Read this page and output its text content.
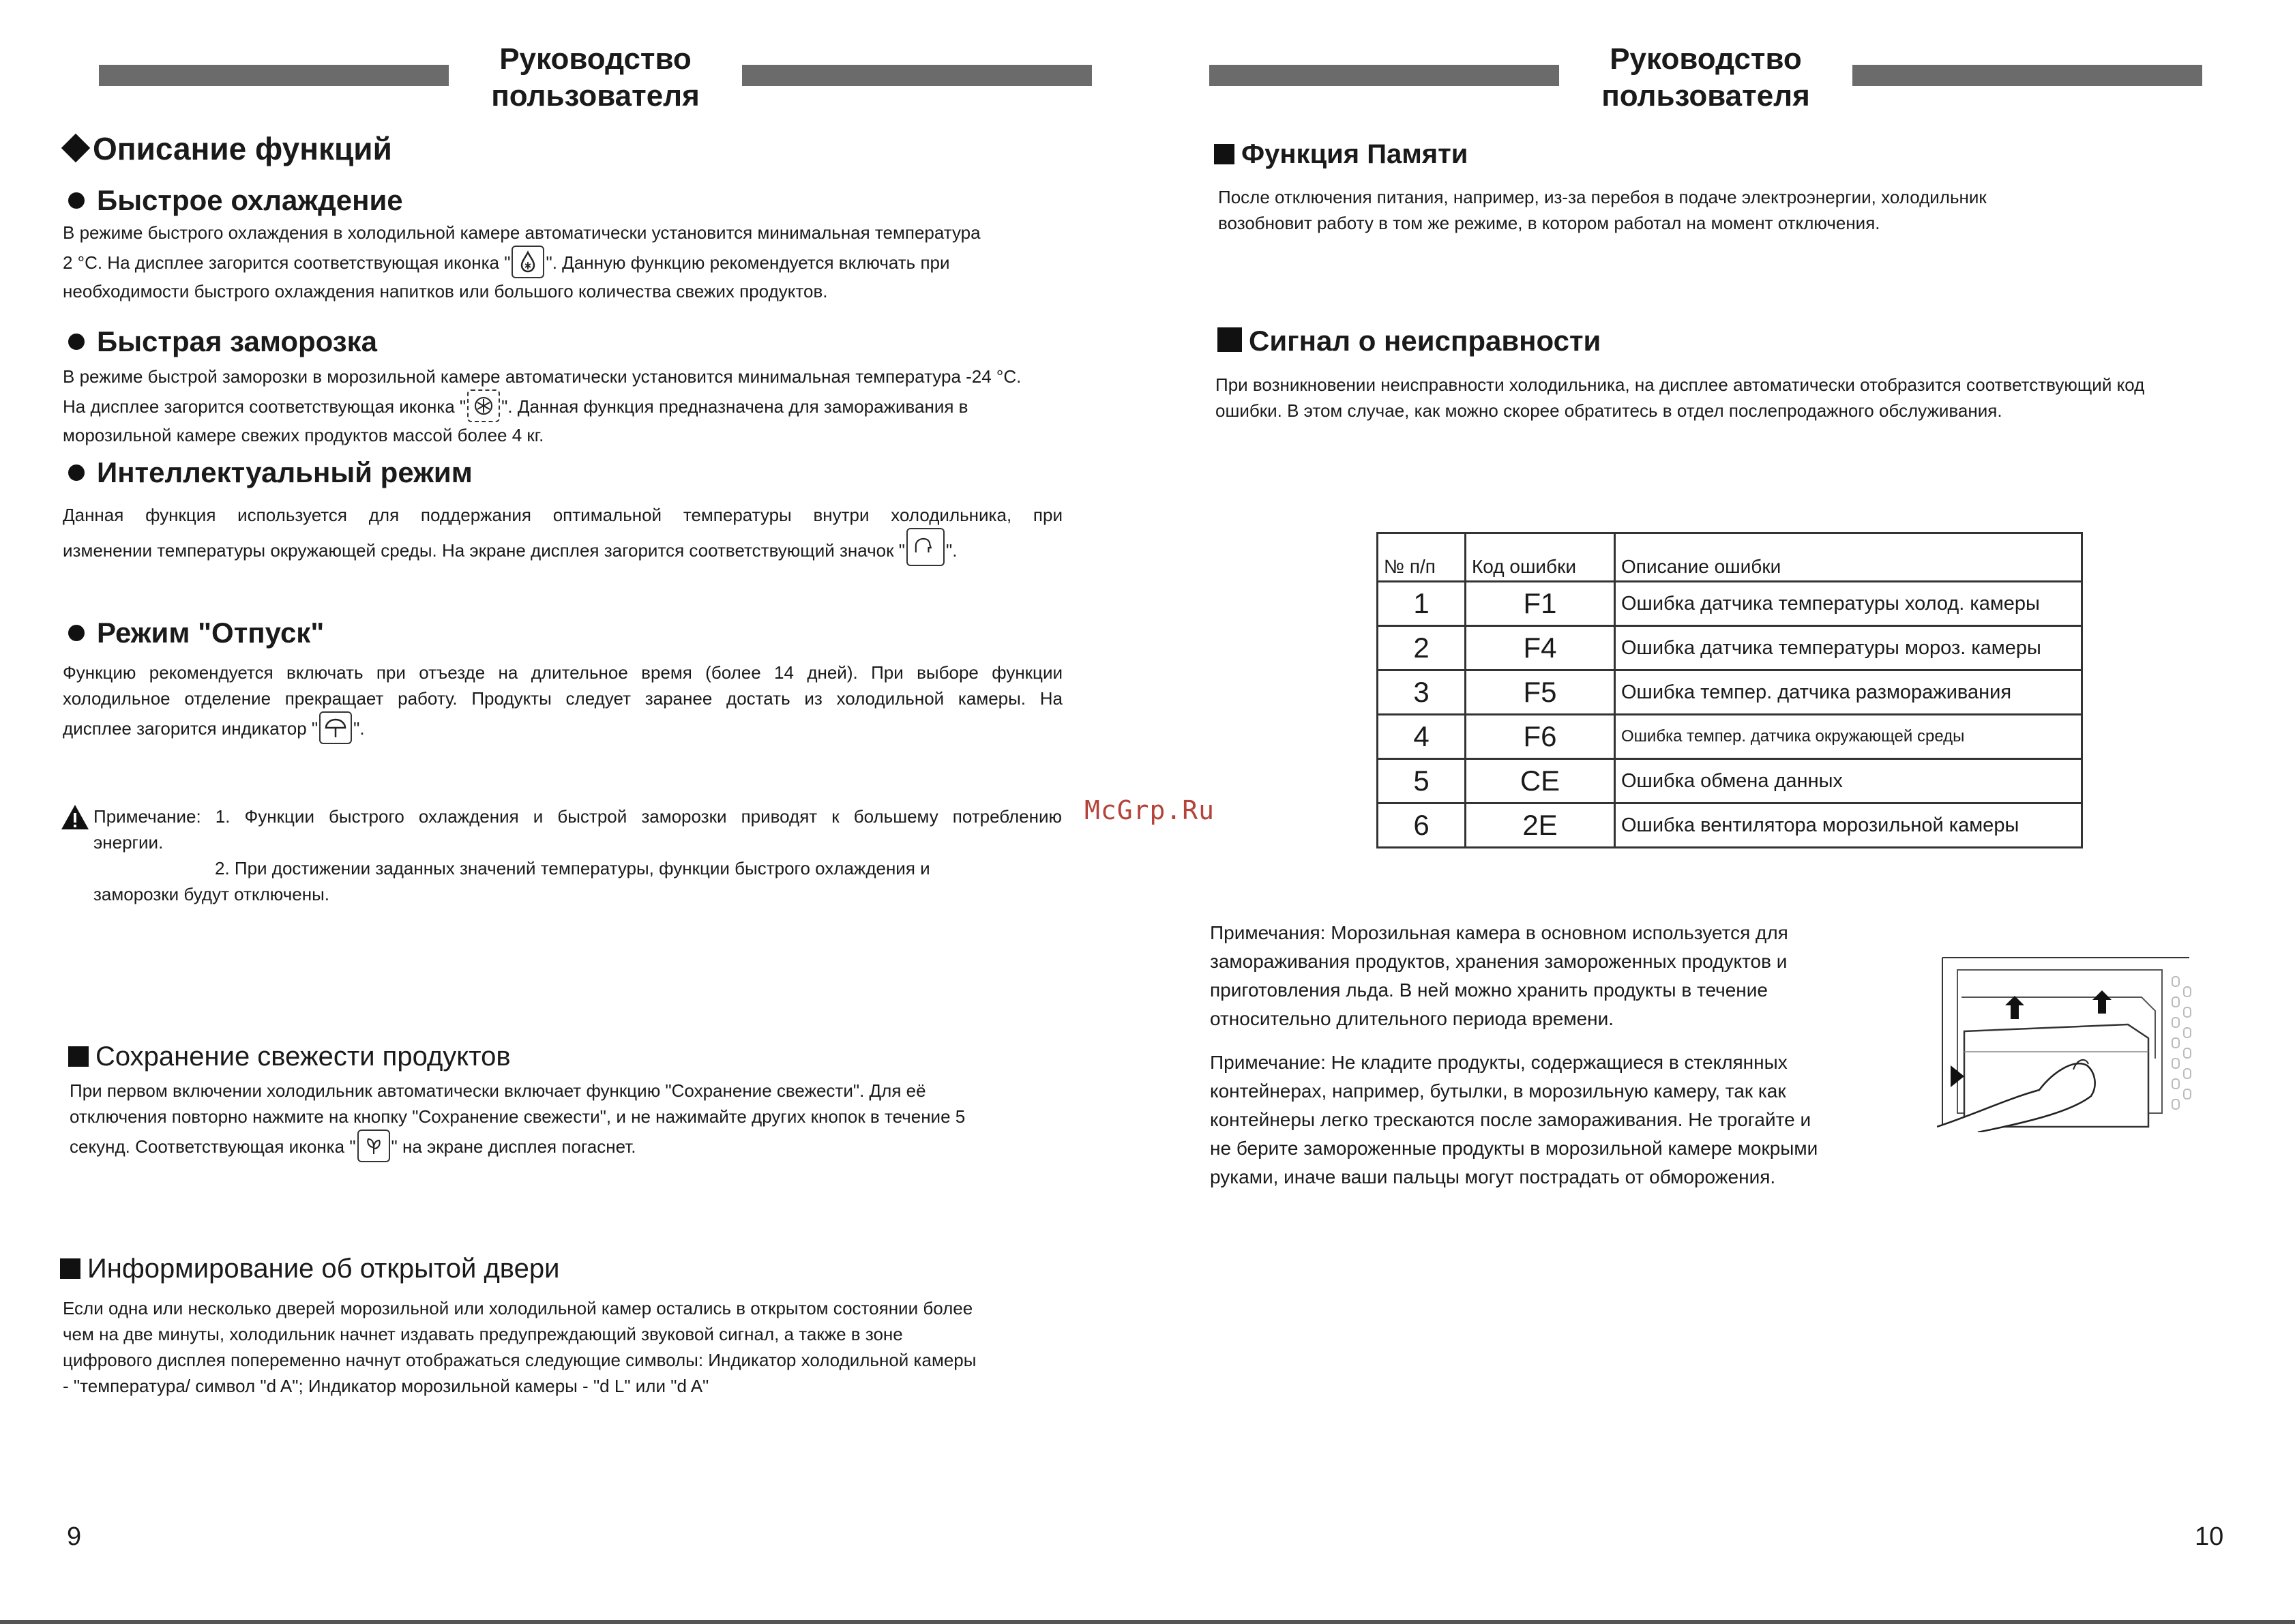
Руководство
пользователя
Описание функций
Быстрое охлаждение
В режиме быстрого охлаждения в холодильной камере автоматически установится минимальная температура
2 °С. На дисплее загорится соответствующая иконка " ". Данную функцию рекомендуется включать при
необходимости быстрого охлаждения напитков или большого количества свежих продуктов.
Быстрая заморозка
В режиме быстрой заморозки в морозильной камере автоматически установится минимальная температура -24 °С.
На дисплее загорится соответствующая иконка " ". Данная функция предназначена для замораживания в
морозильной камере свежих продуктов массой более 4 кг.
Интеллектуальный режим
Данная функция используется для поддержания оптимальной температуры внутри холодильника, при
изменении температуры окружающей среды. На экране дисплея загорится соответствующий значок " ".
Режим "Отпуск"
Функцию рекомендуется включать при отъезде на длительное время (более 14 дней). При выборе функции
холодильное отделение прекращает работу. Продукты следует заранее достать из холодильной камеры. На
дисплее загорится индикатор " ".
Примечание: 1. Функции быстрого охлаждения и быстрой заморозки приводят к большему потреблению
энергии.
2. При достижении заданных значений температуры, функции быстрого охлаждения и
заморозки будут отключены.
Сохранение свежести продуктов
При первом включении холодильник автоматически включает функцию "Сохранение свежести". Для её
отключения повторно нажмите на кнопку "Сохранение свежести", и не нажимайте других кнопок в течение 5
секунд. Соответствующая иконка " " на экране дисплея погаснет.
Информирование об открытой двери
Если одна или несколько дверей морозильной или холодильной камер остались в открытом состоянии более
чем на две минуты, холодильник начнет издавать предупреждающий звуковой сигнал, а также в зоне
цифрового дисплея попеременно начнут отображаться следующие символы: Индикатор холодильной камеры
- "температура/ символ "d A"; Индикатор морозильной камеры - "d L" или "d A"
9
McGrp.Ru
Руководство
пользователя
Функция Памяти
После отключения питания, например, из-за перебоя в подаче электроэнергии, холодильник
возобновит работу в том же режиме, в котором работал на момент отключения.
Сигнал о неисправности
При возникновении неисправности холодильника, на дисплее автоматически отобразится соответствующий код
ошибки. В этом случае, как можно скорее обратитесь в отдел послепродажного обслуживания.
№ п/п	Код ошибки	Описание ошибки
1	F1	Ошибка датчика температуры холод. камеры
2	F4	Ошибка датчика температуры мороз. камеры
3	F5	Ошибка темпер. датчика размораживания
4	F6	Ошибка темпер. датчика окружающей среды
5	CE	Ошибка обмена данных
6	2E	Ошибка вентилятора морозильной камеры
Примечания: Морозильная камера в основном используется для
замораживания продуктов, хранения замороженных продуктов и
приготовления льда. В ней можно хранить продукты в течение
относительно длительного периода времени.
Примечание: Не кладите продукты, содержащиеся в стеклянных
контейнерах, например, бутылки, в морозильную камеру, так как
контейнеры легко трескаются после замораживания. Не трогайте и
не берите замороженные продукты в морозильной камере мокрыми
руками, иначе ваши пальцы могут пострадать от обморожения.
10
